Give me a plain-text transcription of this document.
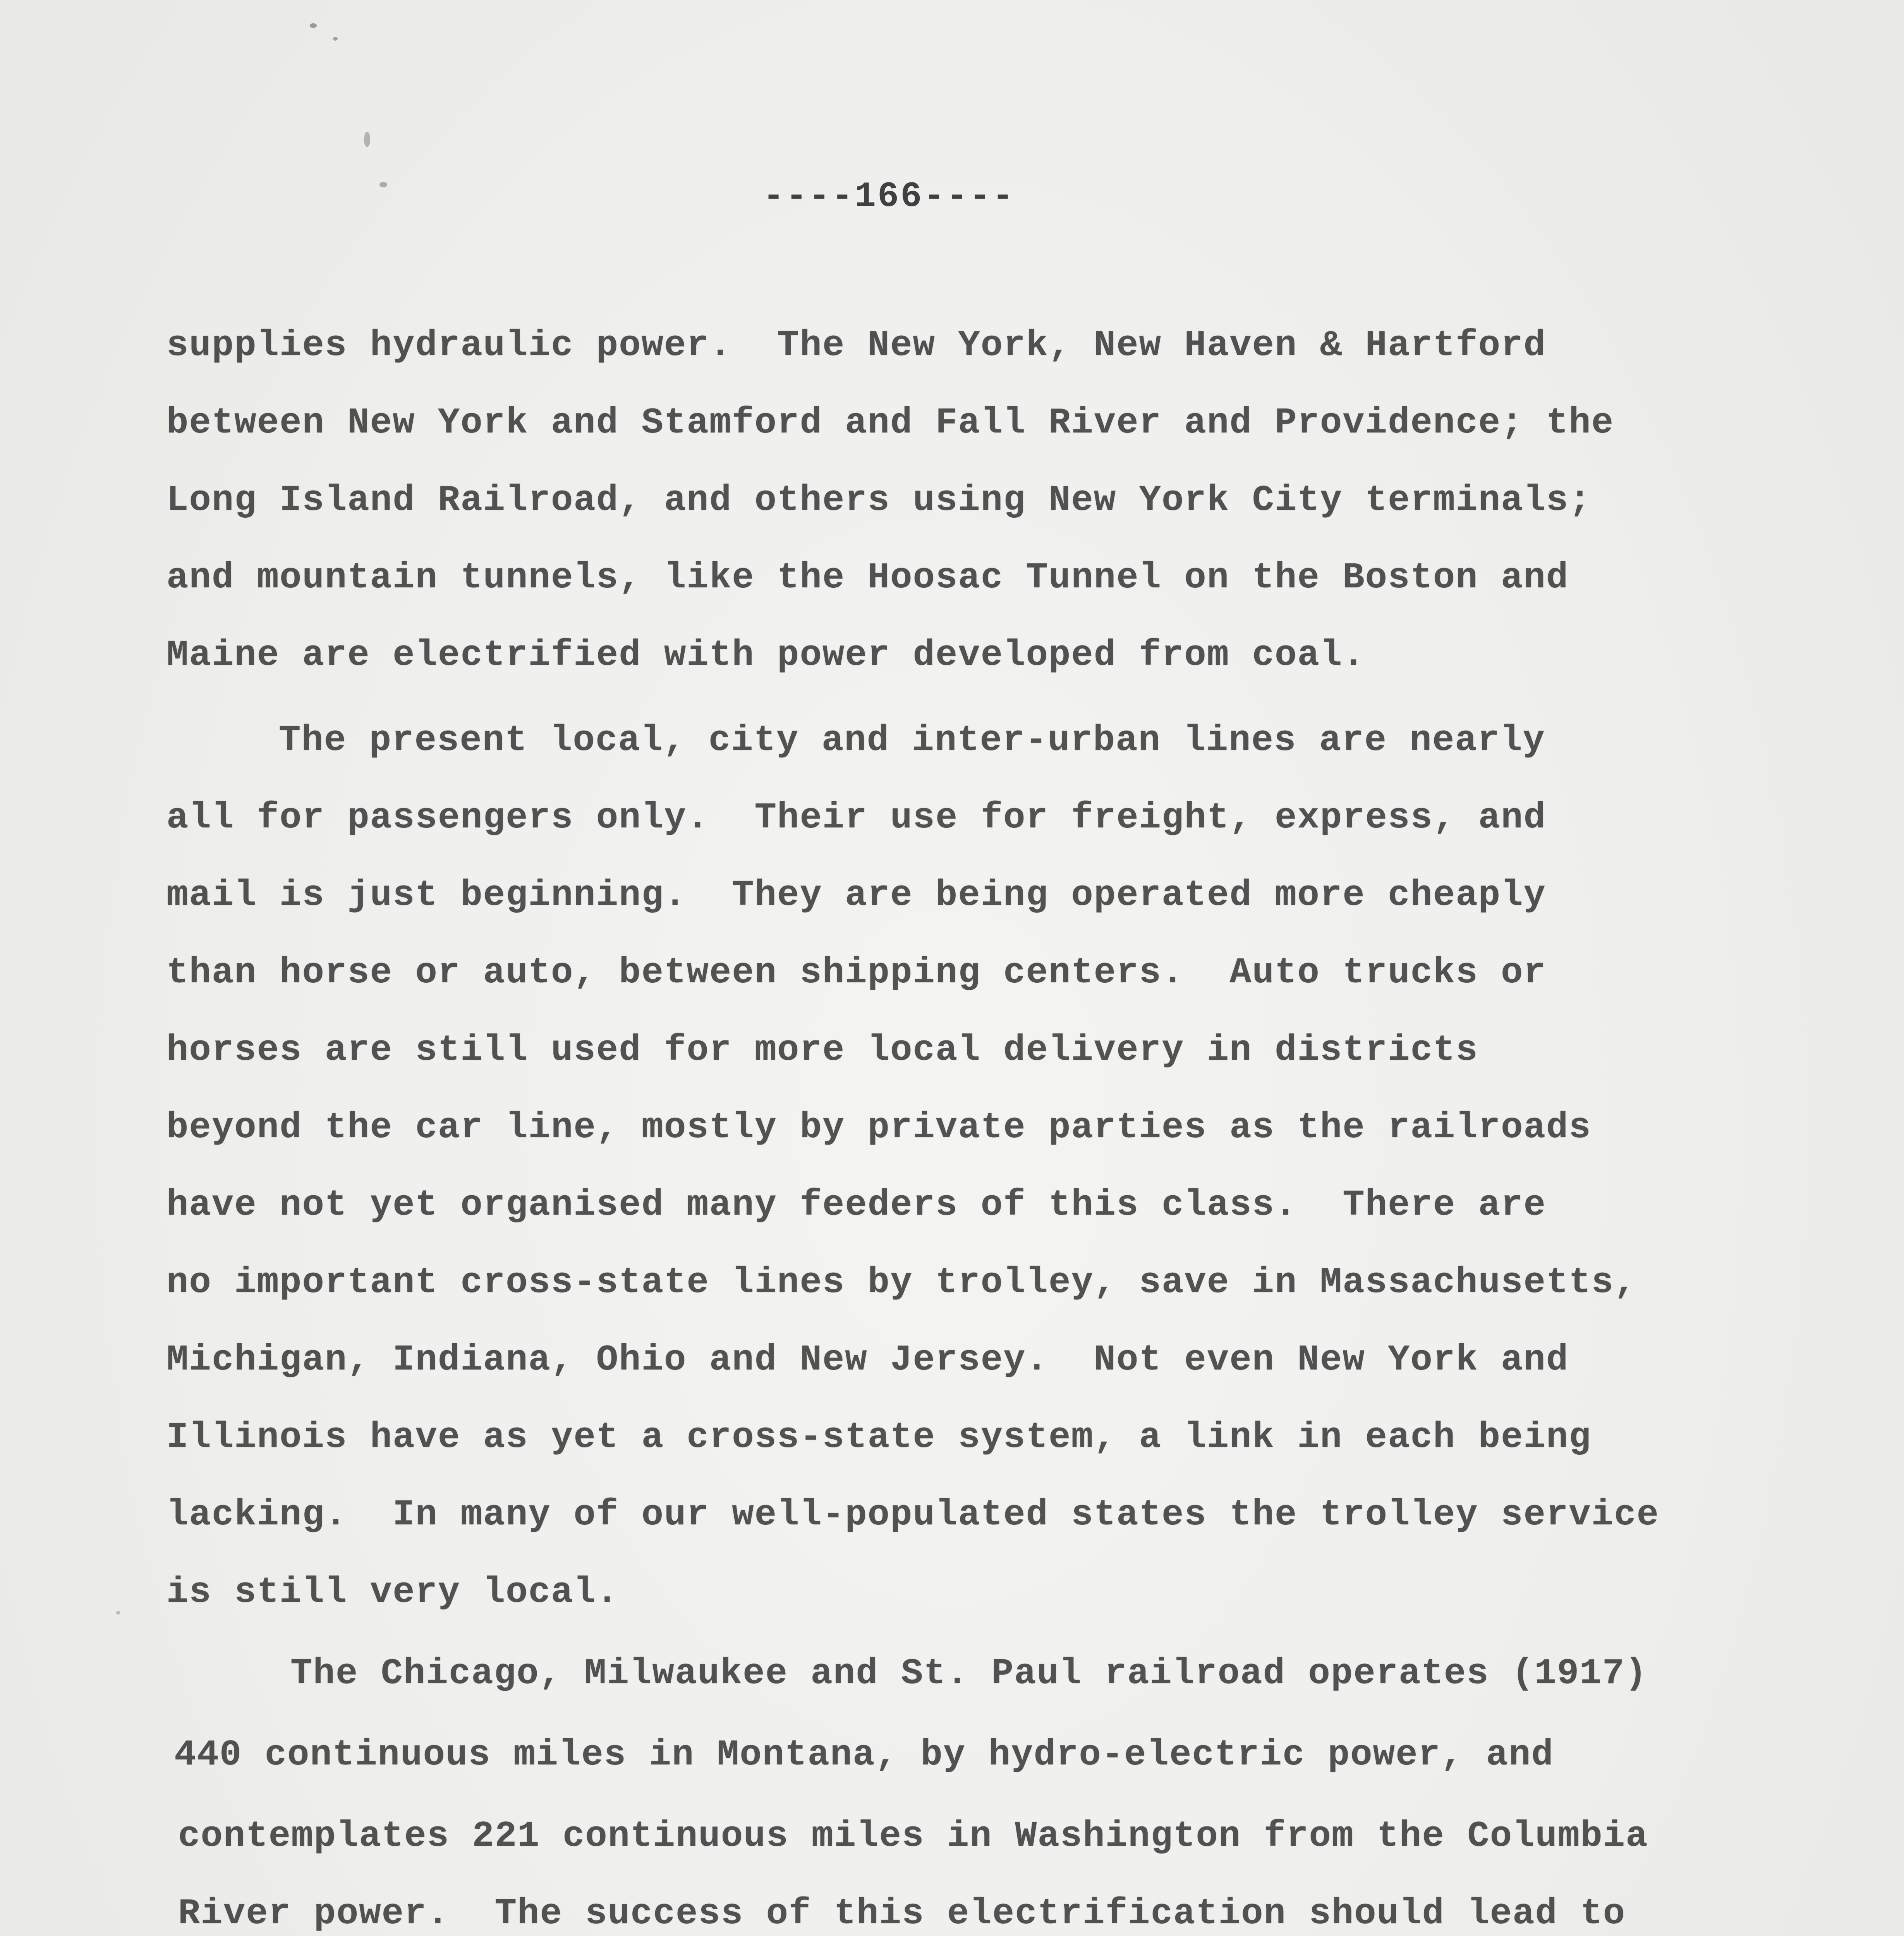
----166----
supplies hydraulic power.  The New York, New Haven & Hartford
between New York and Stamford and Fall River and Providence; the
Long Island Railroad, and others using New York City terminals;
and mountain tunnels, like the Hoosac Tunnel on the Boston and
Maine are electrified with power developed from coal.
The present local, city and inter-urban lines are nearly
all for passengers only.  Their use for freight, express, and
mail is just beginning.  They are being operated more cheaply
than horse or auto, between shipping centers.  Auto trucks or
horses are still used for more local delivery in districts
beyond the car line, mostly by private parties as the railroads
have not yet organised many feeders of this class.  There are
no important cross-state lines by trolley, save in Massachusetts,
Michigan, Indiana, Ohio and New Jersey.  Not even New York and
Illinois have as yet a cross-state system, a link in each being
lacking.  In many of our well-populated states the trolley service
is still very local.
The Chicago, Milwaukee and St. Paul railroad operates (1917)
440 continuous miles in Montana, by hydro-electric power, and
contemplates 221 continuous miles in Washington from the Columbia
River power.  The success of this electrification should lead to
